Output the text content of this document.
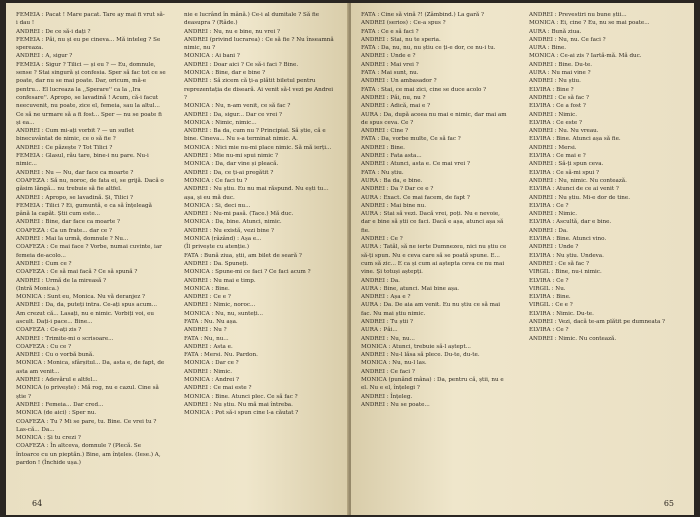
FEMEIA : Pacat ! Mare pacat. Tare ay mai fi vrut să-i dau !

ANDREI : De ce să-i dați ?

FEMEIA : Păi, nu și eu pe cineva... Mă inteleg ? Se spereaza.

ANDREI : A, sigur ?

FEMEIA : Sigur ? Tilici — și eu ? — Eu, domnule, sense ? Stai singură și confesia. Sper să fac tot ce se poate, dar nu se mai poate. Dar, oricum, mă-e pentru... El lucreaza la ,,Sperare'' ca la ,,Ira confesare''. Apropo, se lavadină ! Acum, că-i facut neecuvenit, nu poate, zice el, femeia, sau la altul... Ce să ne urmare să a fi fost... Sper — nu se poate fi și ea...

ANDREI : Cum mi-ați vorbit ? — un suflet binecuvântat de nimic, ce o să fie ?

ANDREI : Ce păzește ? Tot Tilici ?

FEMEIA : Glasul, rău tare, bine-i nu pare. Nu-i nimic...

ANDREI : Nu — Nu, dar face ca moarte ?

COAFEZA : Să nu, noroc, de fata ei, se grijă. Dacă o găsim lângă... nu trebuie să fie altfel.

ANDREI : Apropo, se lavadină. Și, Tilici ?

FEMEIA : Tilici ? Ei, gumuntă, e ca să înțeleagă până la capăt. Știi cum este...

ANDREI : Bine, dar face ca moarte ?

COAFEZA : Ca un frate... dar ce ?

ANDREI : Mai la urmă, domnule ? Nu...

COAFEZA : Ce mai face ? Vorbe, numai cuvinte, iar femeia de-acolo...

ANDREI : Cum ce ?

COAFEZA : Ce să mai facă ? Ce să spună ?

ANDREI : Urmă de la mireasă ?

(Intră Monica.)

MONICA : Sunt eu, Monica. Nu vă deranjez ?

ANDREI : Da, da, puteți intra. Ce-ați spus acum... Am crezut că... Lasați, nu e nimic. Vorbiți voi, eu ascult. Dați-i pace... Bine...

COAFEZA : Ce-ați zis ?

ANDREI : Trimite-mi o scrisoare...

COAFEZA : Cu ce ?

ANDREI : Cu o vorbă bună.

MONICA : Monica, sfârșitul... Da, asta e, de fapt, de asta am venit...

ANDREI : Adevărul e altfel...

MONICA (o privește) : Mă rog, nu e cazul. Cine să știe ?

ANDREI : Femeia... Dar cred...

MONICA (de aici) : Sper nu.

COAFEZA : Tu ? Mi se pare, tu. Bine. Ce vrei tu ? Las-că... Da...

MONICA : Și tu crezi ?

COAFEZA : În altceva, domnule ? (Plecă. Se întoarce cu un pieptăn.) Bine, am înțeles. (Iese.) A, pardon ! (Închide ușa.)

nie e lucrând în mână.) Ce-i al dumitale ? Să fie deasupra ? (Râde.)

ANDREI : Nu, nu e bine, nu vrei ?

ANDREI (privind lucrarea) : Ce să fie ? Nu înseamnă nimic, nu ?

MONICA : Ai bani ?

ANDREI : Doar aici ? Ce să-i faci ? Bine.

MONICA : Bine, dar e bine ?

ANDREI : Să zicem că ți-a plătit biletul pentru reprezentația de diseară. Ai venit să-l vezi pe Andrei ?

MONICA : Nu, n-am venit, ce să fac ?

ANDREI : Da, sigur... Dar ce vrei ?

MONICA : Nimic, nimic...

ANDREI : Ba da, cum nu ? Principial. Să știe, că e bine. Cineva... Nu s-a terminat nimic. A.

MONICA : Nici mie nu-mi place nimic. Să mă ierți...

ANDREI : Mie nu-mi spui nimic ?

MONICA : Da, dar vine și pleacă.

ANDREI : Da, ce ți-ai pregătit ?

MONICA : Ce faci tu ?

ANDREI : Nu știu. Eu nu mai răspund. Nu ești tu... așa, și eu mă duc.

MONICA : Si, deci nu...

ANDREI : Nu-mi pasă. (Tace.) Mă duc.

MONICA : Da, bine. Atunci, nimic.

ANDREI : Nu există, vezi bine ?

MONICA (râzând) : Așa e...

(Îl privește cu atenție.)

FATA : Bună ziua, știi, am bilet de seară ?

ANDREI : Da. Spuneți.

MONICA : Spune-mi ce faci ? Ce faci acum ?

ANDREI : Nu mai e timp.

MONICA : Bine.

ANDREI : Ce e ?

ANDREI : Nimic, noroc...

MONICA : Nu, nu, sunteți...

FATA : Nu. Nu așa.

ANDREI : Nu ?

FATA : Nu, nu...

ANDREI : Asta e.

FATA : Mersi. Nu. Pardon.

MONICA : Dar ce ?

ANDREI : Nimic.

MONICA : Andrei ?

ANDREI : Ce mai este ?

MONICA : Bine. Atunci plec. Ce să fac ?

ANDREI : Nu știu. Nu mă mai întreba.

MONICA : Pot să-i spun cine l-a căutat ?

64

FATA : Cine să vină ?! (Zâmbind.) La gară ?

ANDREI (serios) : Ce-a spus ?

FATA : Ce e să faci ?

ANDREI : Stai, nu te speria.

FATA : Da, nu, nu, nu știu ce ți-e dor, ce nu-i tu.

ANDREI : Unde e ?

ANDREI : Mai vrei ?

FATA : Mai sunt, nu.

ANDREI : Un ambasador ?

FATA : Stai, ce mai zici, cine se duce acolo ?

ANDREI : Păi, nu, nu ?

ANDREI : Adică, mai e ?

AURA : Da, după aceea nu mai e nimic, dar mai am de spus ceva. Ce ?

ANDREI : Cine ?

FATA : Da, vorbe multe, Ce să fac ?

ANDREI : Bine.

ANDREI : Fata asta...

ANDREI : Atunci, asta e. Ce mai vrei ?

FATA : Nu știu.

AURA : Ba da, e bine.

ANDREI : Da ? Dar ce e ?

AURA : Exact. Ce mai facem, de fapt ?

ANDREI : Mai bine nu.

AURA : Stai să vezi. Dacă vrei, poți. Nu e nevoie, dar e bine să știi ce faci. Dacă e așa, atunci așa să fie.

ANDREI : Ce ?

AURA : Tatăl, să ne ierte Dumnezeu, nici nu știu ce să-ți spun. Nu e ceva care să se poată spune. E... cum să zic... E ca și cum ai aștepta ceva ce nu mai vine. Și totuși aștepți.

ANDREI : Da.

AURA : Bine, atunci. Mai bine așa.

ANDREI : Așa e ?

AURA : Da. De aia am venit. Eu nu știu ce să mai fac. Nu mai știu nimic.

ANDREI : Tu știi ?

AURA : Păi...

ANDREI : Nu, nu...

MONICA : Atunci, trebuie să-l aștept...

ANDREI : Nu-l lăsa să plece. Du-te, du-te.

MONICA : Nu, nu-l las.

ANDREI : Ce faci ?

MONICA (punând mâna) : Da, pentru că, știi, nu e el. Nu e el, înțelegi ?

ANDREI : Înțeleg.

ANDREI : Nu se poate...

ANDREI : Prevestiri nu bune știi...

MONICA : Ei, cine ? Eu, nu se mai poate...

AURA : Bună ziua.

ANDREI : Nu, nu. Ce faci ?

AURA : Bine.

MONICA : Ce-ai zis ? Iartă-mă. Mă duc.

ANDREI : Bine. Du-te.

AURA : Nu mai vine ?

ANDREI : Nu știu.

ELVIRA : Bine ?

ANDREI : Ce să fac ?

ELVIRA : Ce a fost ?

ANDREI : Nimic.

ELVIRA : Ce este ?

ANDREI : Nu. Nu vreau.

ELVIRA : Bine. Atunci așa să fie.

ANDREI : Mersi.

ELVIRA : Ce mai e ?

ANDREI : Să-ți spun ceva.

ELVIRA : Ce să-mi spui ?

ANDREI : Nu, nimic. Nu contează.

ELVIRA : Atunci de ce ai venit ?

ANDREI : Nu știu. Mi-e dor de tine.

ELVIRA : Ce ?

ANDREI : Nimic.

ELVIRA : Ascultă, dar e bine.

ANDREI : Da.

ELVIRA : Bine. Atunci vino.

ANDREI : Unde ?

ELVIRA : Nu știu. Undeva.

ANDREI : Ce să fac ?

VIRGIL : Bine, nu-i nimic.

ELVIRA : Ce ?

VIRGIL : Nu.

ELVIRA : Bine.

VIRGIL : Ce e ?

ELVIRA : Nimic. Du-te.

ANDREI : Vezi, dacă te-am plătit pe dumneata ?

ELVIRA : Ce ?

ANDREI : Nimic. Nu contează.

65
